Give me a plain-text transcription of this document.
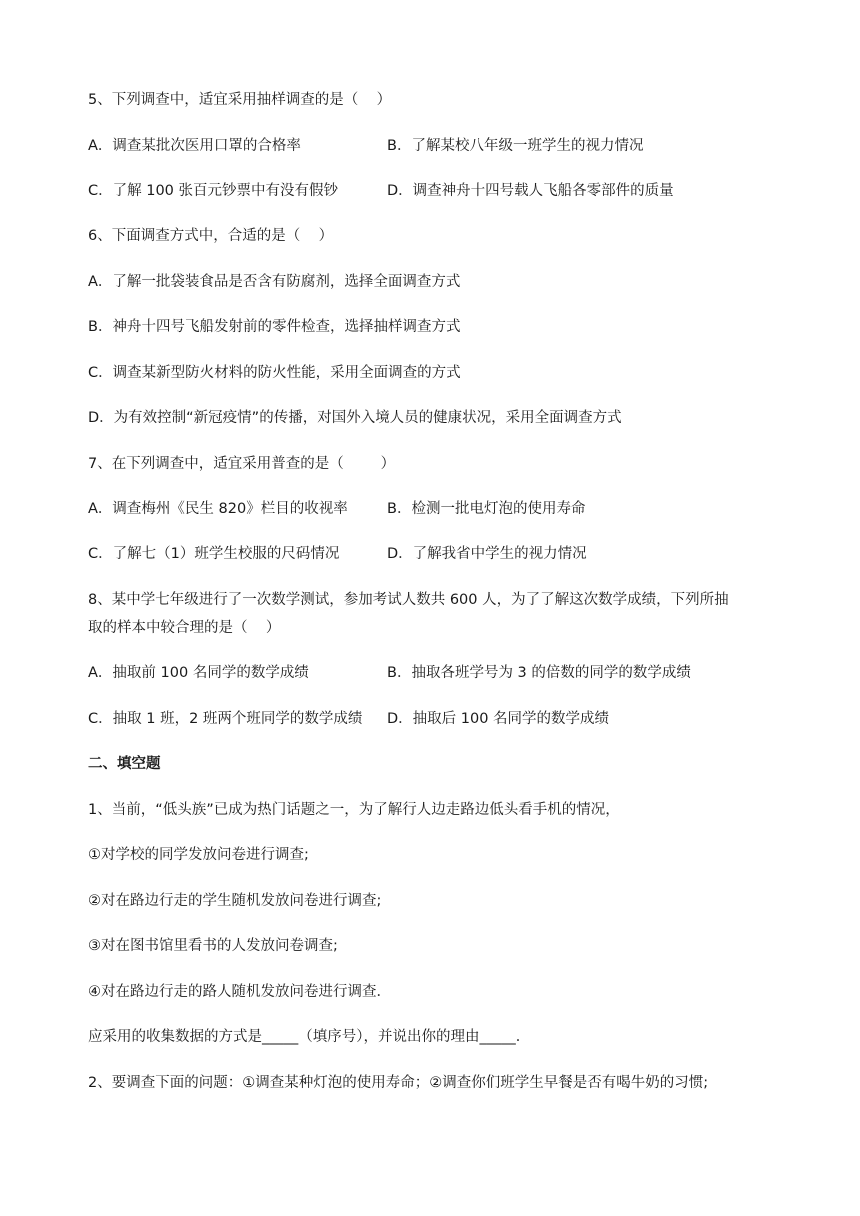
5、下列调查中，适宜采用抽样调查的是（    ）
A．调查某批次医用口罩的合格率	B．了解某校八年级一班学生的视力情况
C．了解 100 张百元钞票中有没有假钞	D．调查神舟十四号载人飞船各零部件的质量
6、下面调查方式中，合适的是（    ）
A．了解一批袋装食品是否含有防腐剂，选择全面调查方式
B．神舟十四号飞船发射前的零件检查，选择抽样调查方式
C．调查某新型防火材料的防火性能，采用全面调查的方式
D．为有效控制“新冠疫情”的传播，对国外入境人员的健康状况，采用全面调查方式
7、在下列调查中，适宜采用普查的是（        ）
A．调查梅州《民生 820》栏目的收视率	B．检测一批电灯泡的使用寿命
C．了解七（1）班学生校服的尺码情况	D．了解我省中学生的视力情况
8、某中学七年级进行了一次数学测试，参加考试人数共 600 人，为了了解这次数学成绩，下列所抽
取的样本中较合理的是（    ）
A．抽取前 100 名同学的数学成绩	B．抽取各班学号为 3 的倍数的同学的数学成绩
C．抽取 1 班，2 班两个班同学的数学成绩 D．抽取后 100 名同学的数学成绩
二、填空题
1、当前，“低头族”已成为热门话题之一，为了解行人边走路边低头看手机的情况，
①对学校的同学发放问卷进行调查;
②对在路边行走的学生随机发放问卷进行调查;
③对在图书馆里看书的人发放问卷调查;
④对在路边行走的路人随机发放问卷进行调查．
应采用的收集数据的方式是_____（填序号），并说出你的理由_____．
2、要调查下面的问题：①调查某种灯泡的使用寿命；②调查你们班学生早餐是否有喝牛奶的习惯;
